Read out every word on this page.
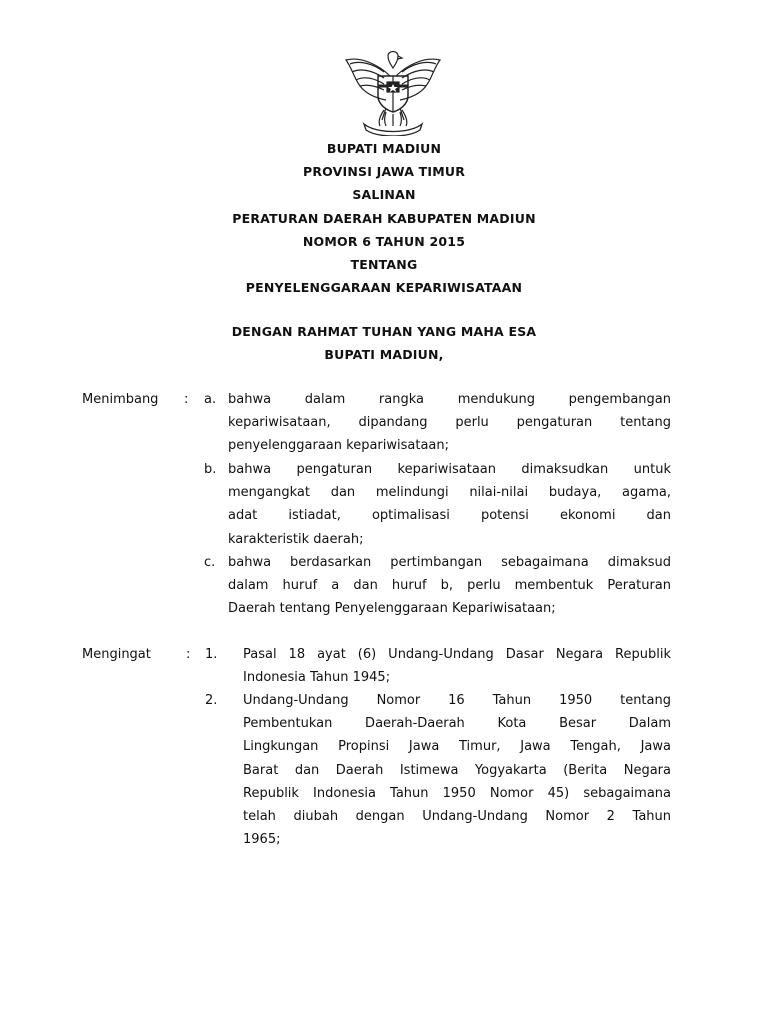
BUPATI MADIUN
PROVINSI JAWA TIMUR
SALINAN
PERATURAN DAERAH KABUPATEN MADIUN
NOMOR 6 TAHUN 2015
TENTANG
PENYELENGGARAAN KEPARIWISATAAN
DENGAN RAHMAT TUHAN YANG MAHA ESA
BUPATI MADIUN,
Menimbang : a. bahwa dalam rangka mendukung pengembangan
kepariwisataan, dipandang perlu pengaturan tentang
penyelenggaraan kepariwisataan;
b. bahwa pengaturan kepariwisataan dimaksudkan untuk
mengangkat dan melindungi nilai-nilai budaya, agama,
adat istiadat, optimalisasi potensi ekonomi dan
karakteristik daerah;
c. bahwa berdasarkan pertimbangan sebagaimana dimaksud
dalam huruf a dan huruf b, perlu membentuk Peraturan
Daerah tentang Penyelenggaraan Kepariwisataan;
Mengingat	: 1. Pasal 18 ayat (6) Undang-Undang Dasar Negara Republik
Indonesia Tahun 1945;
2. Undang-Undang Nomor 16 Tahun 1950 tentang
Pembentukan Daerah-Daerah Kota Besar Dalam
Lingkungan Propinsi Jawa Timur, Jawa Tengah, Jawa
Barat dan Daerah Istimewa Yogyakarta (Berita Negara
Republik Indonesia Tahun 1950 Nomor 45) sebagaimana
telah diubah dengan Undang-Undang Nomor 2 Tahun
1965;
